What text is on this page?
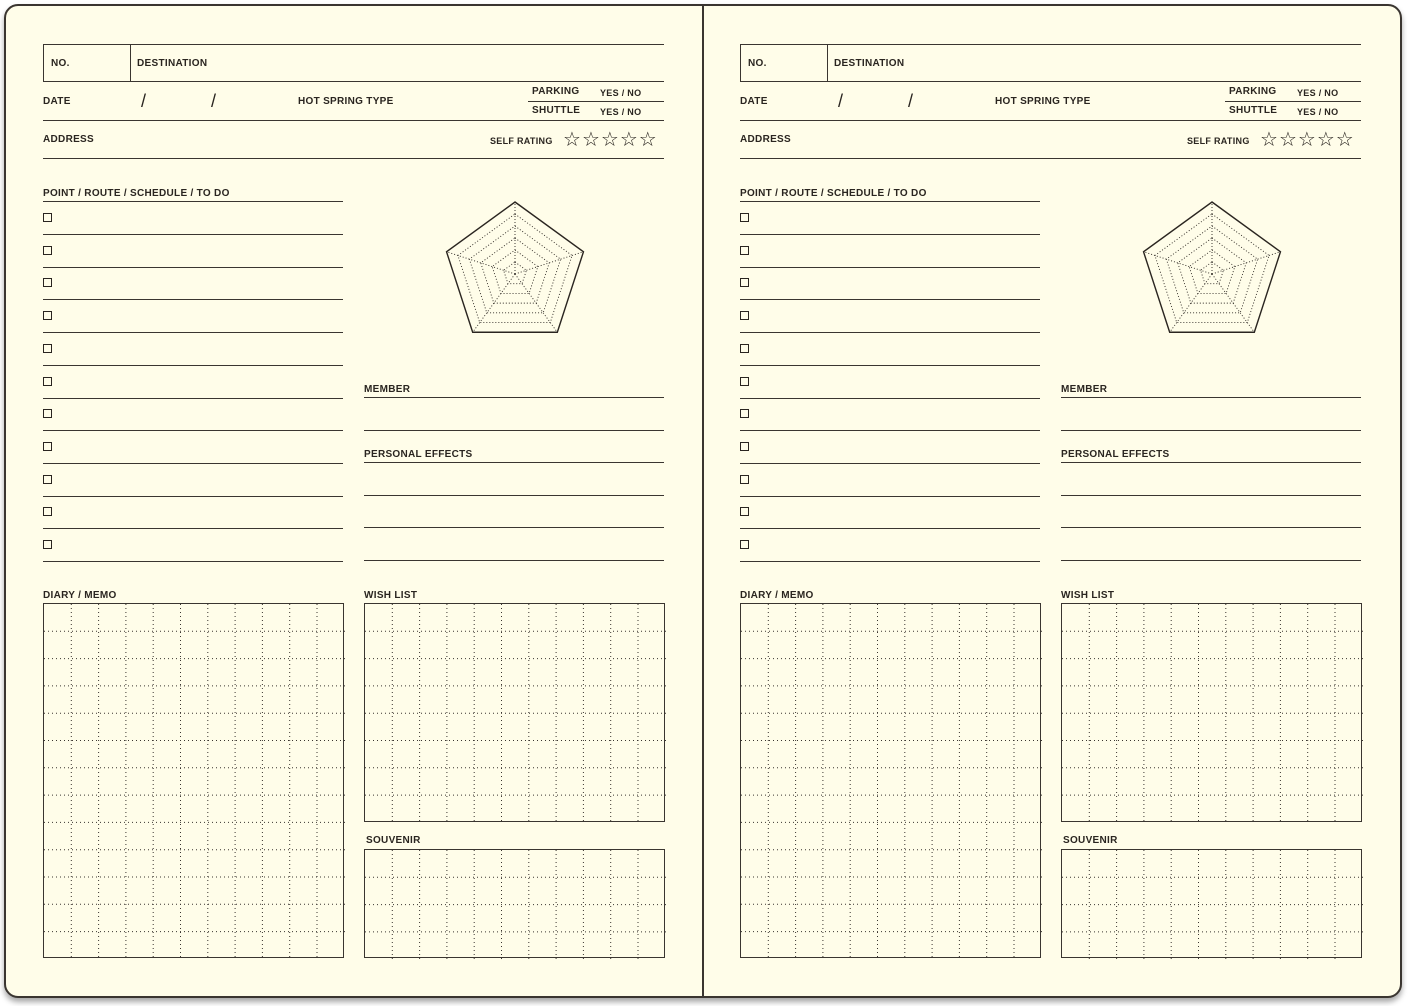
NO.	DESTINATION
DATE	/	/	HOT SPRING TYPE
PARKING YES / NO
SHUTTLE YES / NO
ADDRESS	SELF RATING ☆ ☆ ☆ ☆ ☆
POINT / ROUTE / SCHEDULE / TO DO
MEMBER
PERSONAL EFFECTS
DIARY / MEMO	WISH LIST
SOUVENIR
NO.	DESTINATION
DATE	/	/	HOT SPRING TYPE
PARKING YES / NO
SHUTTLE YES / NO
ADDRESS	SELF RATING ☆ ☆ ☆ ☆ ☆
POINT / ROUTE / SCHEDULE / TO DO
MEMBER
PERSONAL EFFECTS
DIARY / MEMO	WISH LIST
SOUVENIR
